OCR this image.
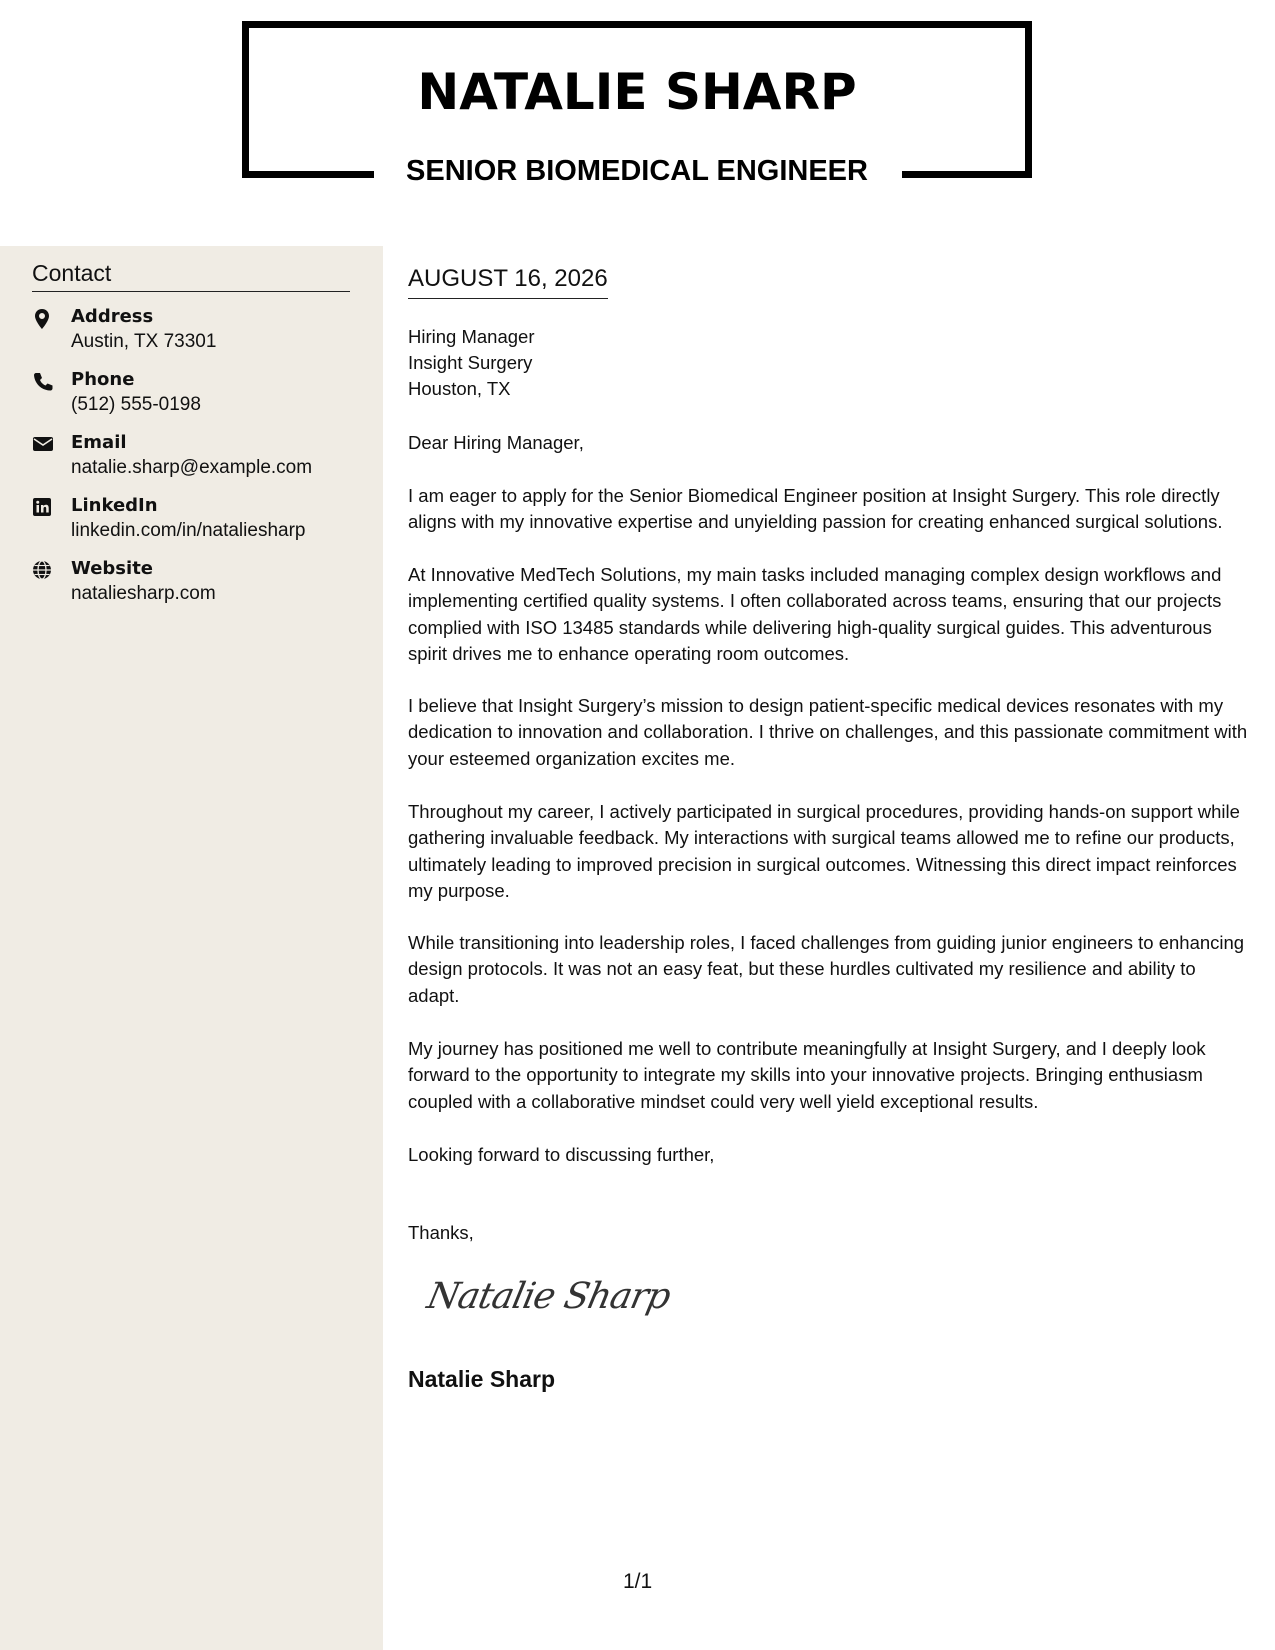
NATALIE SHARP
SENIOR BIOMEDICAL ENGINEER
Contact
Address
Austin, TX 73301
Phone
(512) 555-0198
Email
natalie.sharp@example.com
LinkedIn
linkedin.com/in/nataliesharp
Website
nataliesharp.com
AUGUST 16, 2026
Hiring Manager
Insight Surgery
Houston, TX
Dear Hiring Manager,
I am eager to apply for the Senior Biomedical Engineer position at Insight Surgery. This role directly aligns with my innovative expertise and unyielding passion for creating enhanced surgical solutions.
At Innovative MedTech Solutions, my main tasks included managing complex design workflows and implementing certified quality systems. I often collaborated across teams, ensuring that our projects complied with ISO 13485 standards while delivering high-quality surgical guides. This adventurous spirit drives me to enhance operating room outcomes.
I believe that Insight Surgery’s mission to design patient-specific medical devices resonates with my dedication to innovation and collaboration. I thrive on challenges, and this passionate commitment with your esteemed organization excites me.
Throughout my career, I actively participated in surgical procedures, providing hands-on support while gathering invaluable feedback. My interactions with surgical teams allowed me to refine our products, ultimately leading to improved precision in surgical outcomes. Witnessing this direct impact reinforces my purpose.
While transitioning into leadership roles, I faced challenges from guiding junior engineers to enhancing design protocols. It was not an easy feat, but these hurdles cultivated my resilience and ability to adapt.
My journey has positioned me well to contribute meaningfully at Insight Surgery, and I deeply look forward to the opportunity to integrate my skills into your innovative projects. Bringing enthusiasm coupled with a collaborative mindset could very well yield exceptional results.
Looking forward to discussing further,
Thanks,
Natalie Sharp
Natalie Sharp
1/1
